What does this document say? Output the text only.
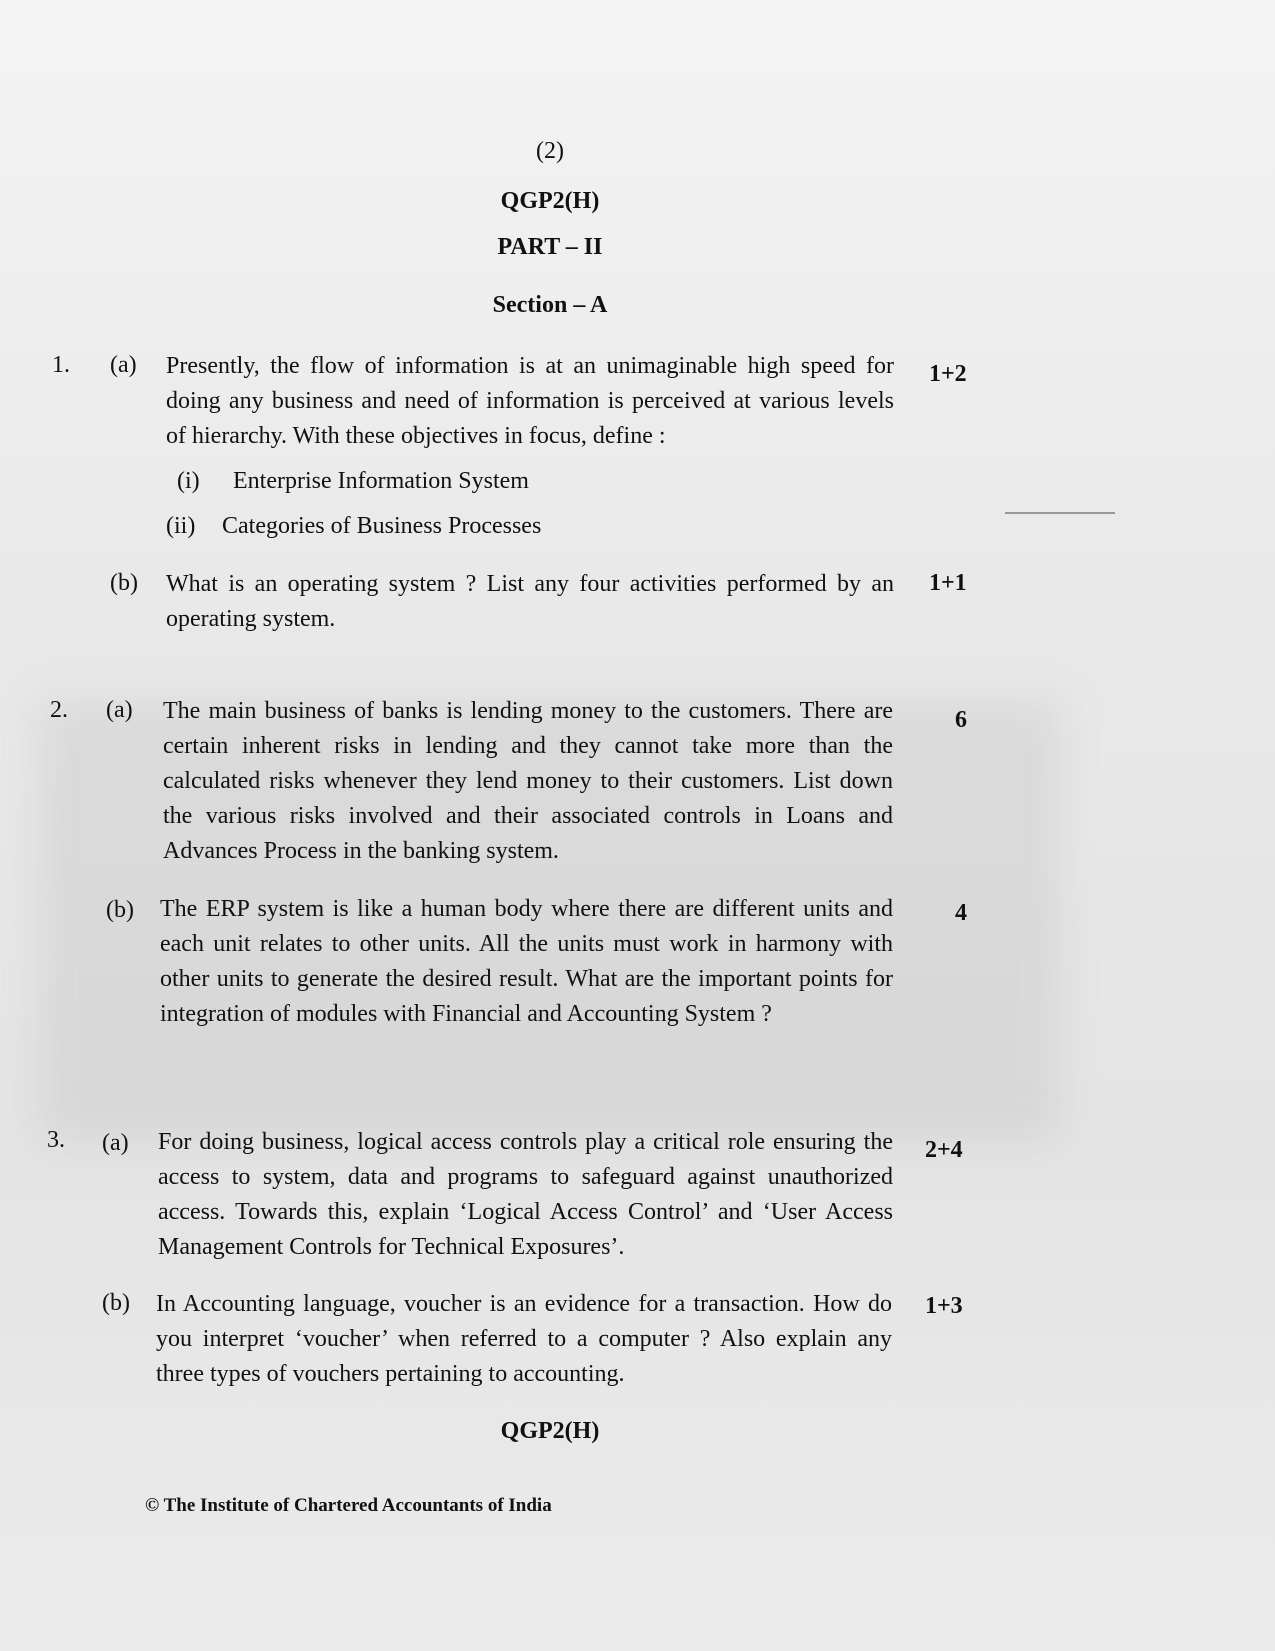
(2)
QGP2(H)
PART – II
Section – A
1. (a) Presently, the flow of information is at an unimaginable high speed for doing any business and need of information is perceived at various levels of hierarchy. With these objectives in focus, define :

1+2
(i) Enterprise Information System
(ii) Categories of Business Processes
(b) What is an operating system ? List any four activities performed by an operating system.

1+1
2. (a) The main business of banks is lending money to the customers. There are certain inherent risks in lending and they cannot take more than the calculated risks whenever they lend money to their customers. List down the various risks involved and their associated controls in Loans and Advances Process in the banking system.

6
(b) The ERP system is like a human body where there are different units and each unit relates to other units. All the units must work in harmony with other units to generate the desired result. What are the important points for integration of modules with Financial and Accounting System ?

4
3. (a) For doing business, logical access controls play a critical role ensuring the access to system, data and programs to safeguard against unauthorized access. Towards this, explain ‘Logical Access Control’ and ‘User Access Management Controls for Technical Exposures’.

2+4
(b) In Accounting language, voucher is an evidence for a transaction. How do you interpret ‘voucher’ when referred to a computer ? Also explain any three types of vouchers pertaining to accounting.

1+3
QGP2(H)
© The Institute of Chartered Accountants of India
